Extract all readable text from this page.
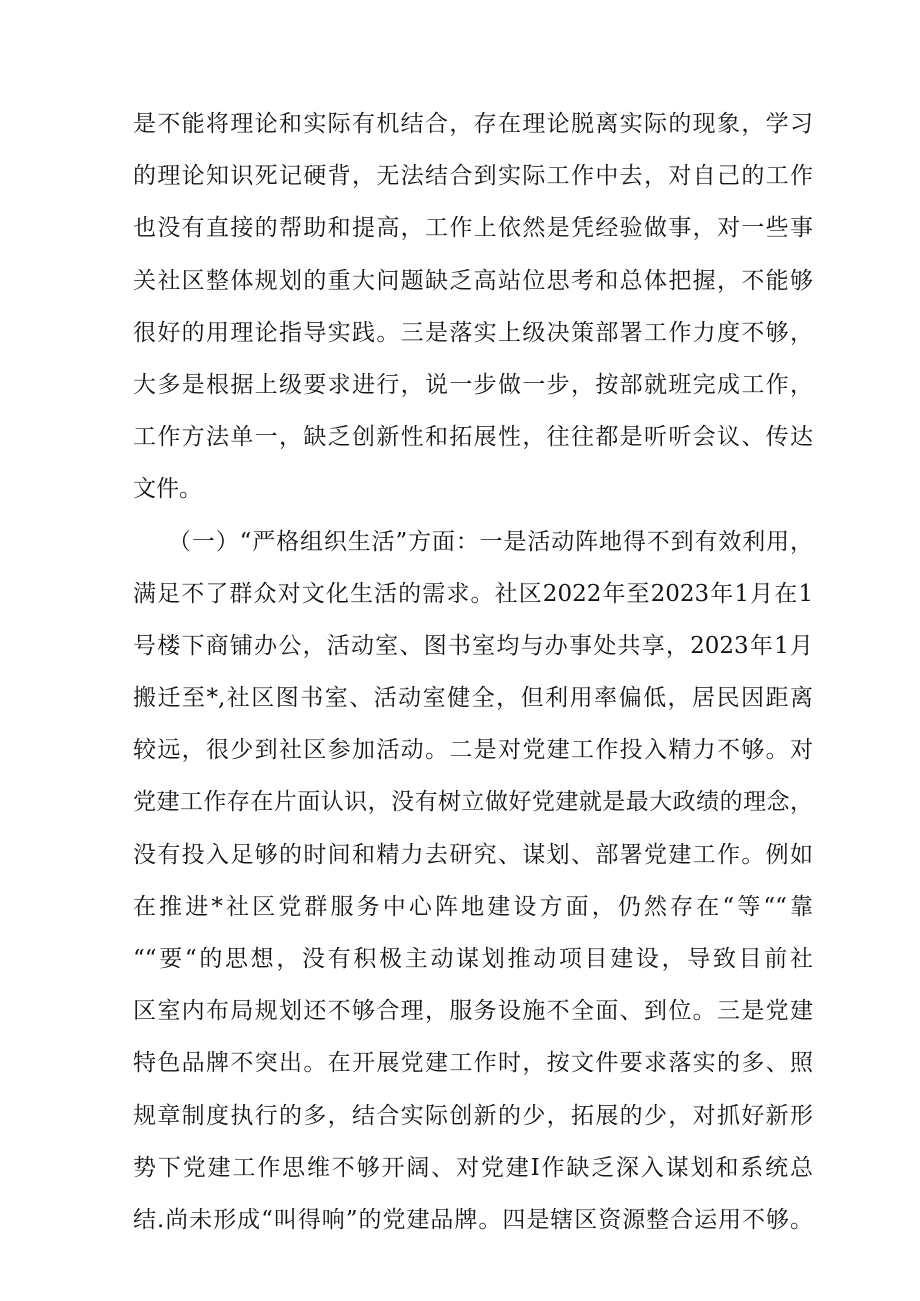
是不能将理论和实际有机结合，存在理论脱离实际的现象，学习
的理论知识死记硬背，无法结合到实际工作中去，对自己的工作
也没有直接的帮助和提高，工作上依然是凭经验做事，对一些事
关社区整体规划的重大问题缺乏高站位思考和总体把握，不能够
很好的用理论指导实践。三是落实上级决策部署工作力度不够，
大多是根据上级要求进行，说一步做一步，按部就班完成工作，
工作方法单一，缺乏创新性和拓展性，往往都是听听会议、传达
文件。
（一）“严格组织生活”方面：一是活动阵地得不到有效利用，
满足不了群众对文化生活的需求。社区2022年至2023年1月在1
号楼下商铺办公，活动室、图书室均与办事处共享，2023年1月
搬迁至*,社区图书室、活动室健全，但利用率偏低，居民因距离
较远，很少到社区参加活动。二是对党建工作投入精力不够。对
党建工作存在片面认识，没有树立做好党建就是最大政绩的理念，
没有投入足够的时间和精力去研究、谋划、部署党建工作。例如
在推进*社区党群服务中心阵地建设方面，仍然存在“等““靠
““要“的思想，没有积极主动谋划推动项目建设，导致目前社
区室内布局规划还不够合理，服务设施不全面、到位。三是党建
特色品牌不突出。在开展党建工作时，按文件要求落实的多、照
规章制度执行的多，结合实际创新的少，拓展的少，对抓好新形
势下党建工作思维不够开阔、对党建I作缺乏深入谋划和系统总
结.尚未形成“叫得响”的党建品牌。四是辖区资源整合运用不够。
